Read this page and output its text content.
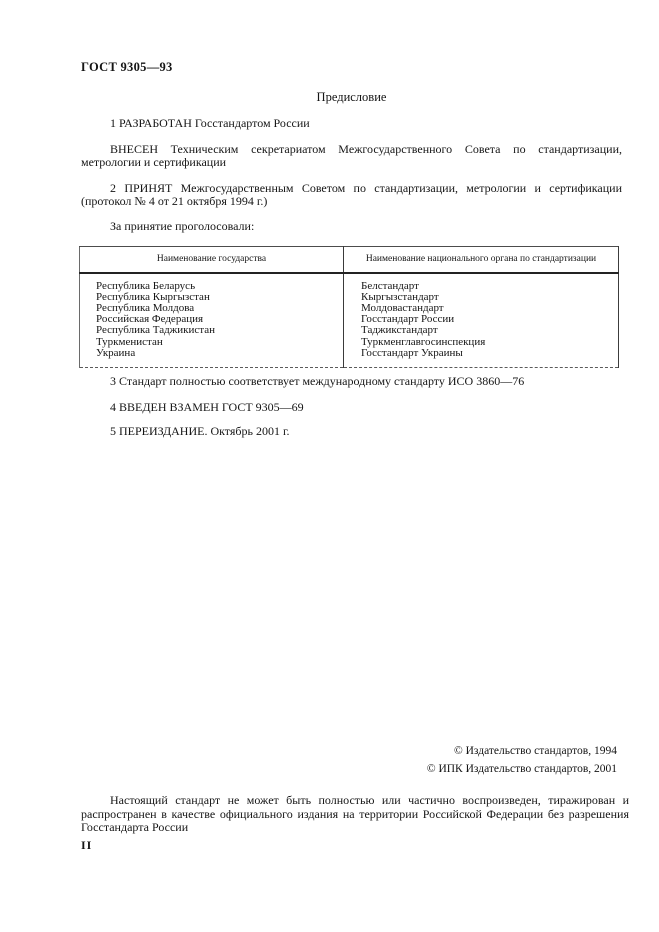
ГОСТ 9305—93
Предисловие

1 РАЗРАБОТАН Госстандартом России

ВНЕСЕН Техническим секретариатом Межгосударственного Совета по стандартизации, метрологии и сертификации

2 ПРИНЯТ Межгосударственным Советом по стандартизации, метрологии и сертификации (протокол № 4 от 21 октября 1994 г.)

За принятие проголосовали:

Наименование государства	Наименование национального органа по стандартизации
Республика Беларусь	Белстандарт
Республика Кыргызстан	Кыргызстандарт
Республика Молдова	Молдовастандарт
Российская Федерация	Госстандарт России
Республика Таджикистан	Таджикстандарт
Туркменистан	Туркменглавгосинспекция
Украина	Госстандарт Украины

3 Стандарт полностью соответствует международному стандарту ИСО 3860—76

4 ВВЕДЕН ВЗАМЕН ГОСТ 9305—69

5 ПЕРЕИЗДАНИЕ. Октябрь 2001 г.

© Издательство стандартов, 1994
© ИПК Издательство стандартов, 2001

Настоящий стандарт не может быть полностью или частично воспроизведен, тиражирован и распространен в качестве официального издания на территории Российской Федерации без разрешения Госстандарта России

II
